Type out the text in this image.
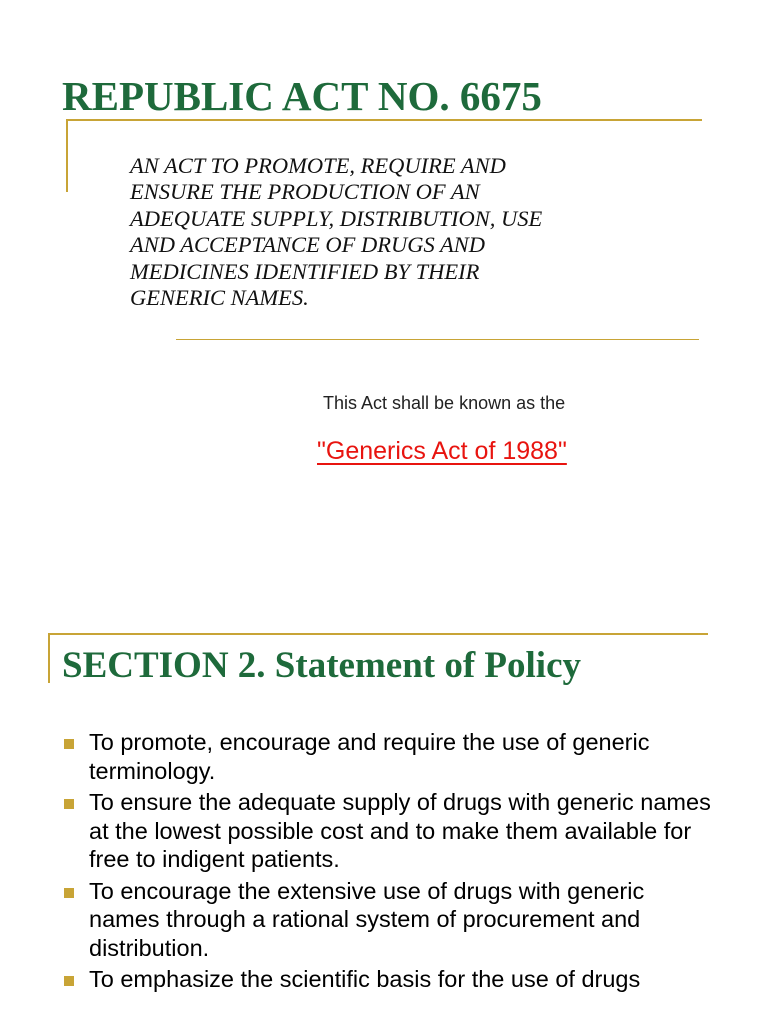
REPUBLIC ACT NO. 6675

AN ACT TO PROMOTE, REQUIRE AND
ENSURE THE PRODUCTION OF AN
ADEQUATE SUPPLY, DISTRIBUTION, USE
AND ACCEPTANCE OF DRUGS AND
MEDICINES IDENTIFIED BY THEIR
GENERIC NAMES.

This Act shall be known as the
"Generics Act of 1988"
SECTION 2. Statement of Policy
To promote, encourage and require the use of generic terminology.
To ensure the adequate supply of drugs with generic names at the lowest possible cost and to make them available for free to indigent patients.
To encourage the extensive use of drugs with generic names through a rational system of procurement and distribution.
To emphasize the scientific basis for the use of drugs
